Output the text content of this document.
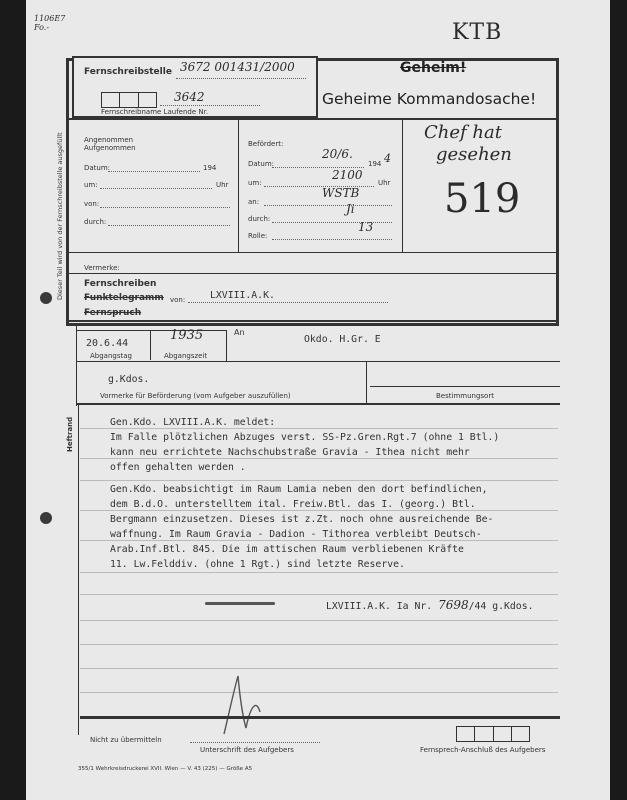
1106E7
Fo.-	KTB
Fernschreibstelle 3672 001431/2000
3642
Fernschreibname Laufende Nr.
Geheim!
Geheime Kommandosache!
Dieser Teil wird von der Fernschreibstelle ausgefüllt
Heftrand
Angenommen
Aufgenommen
Datum:	194
um:	Uhr
von:
durch:
Befördert:
Datum:
20/6.
194 4
um:
2100
Uhr
an:
WSTB
durch:
Ji
Rolle:
13
Chef hat
gesehen
519
Vermerke:
Fernschreiben
Funktelegramm von:	LXVIII.A.K.
Fernspruch
An
Okdo. H.Gr. E
20.6.44
1935
Abgangstag	Abgangszeit
g.Kdos.
Vormerke für Beförderung (vom Aufgeber auszufüllen)	Bestimmungsort
Gen.Kdo. LXVIII.A.K. meldet:
Im Falle plötzlichen Abzuges verst. SS-Pz.Gren.Rgt.7 (ohne 1 Btl.)
kann neu errichtete Nachschubstraße Gravia - Ithea nicht mehr
offen gehalten werden .
Gen.Kdo. beabsichtigt im Raum Lamia neben den dort befindlichen,
dem B.d.O. unterstelltem ital. Freiw.Btl. das I. (georg.) Btl.
Bergmann einzusetzen. Dieses ist z.Zt. noch ohne ausreichende Be-
waffnung. Im Raum Gravia - Dadion - Tithorea verbleibt Deutsch-
Arab.Inf.Btl. 845. Die im attischen Raum verbliebenen Kräfte
11. Lw.Felddiv. (ohne 1 Rgt.) sind letzte Reserve.
LXVIII.A.K. Ia Nr. 7698/44 g.Kdos.
Nicht zu übermitteln
Unterschrift des Aufgebers	Fernsprech-Anschluß des Aufgebers
355/1 Wehrkreisdruckerei XVII. Wien — V. 43 (225) — Größe A5
